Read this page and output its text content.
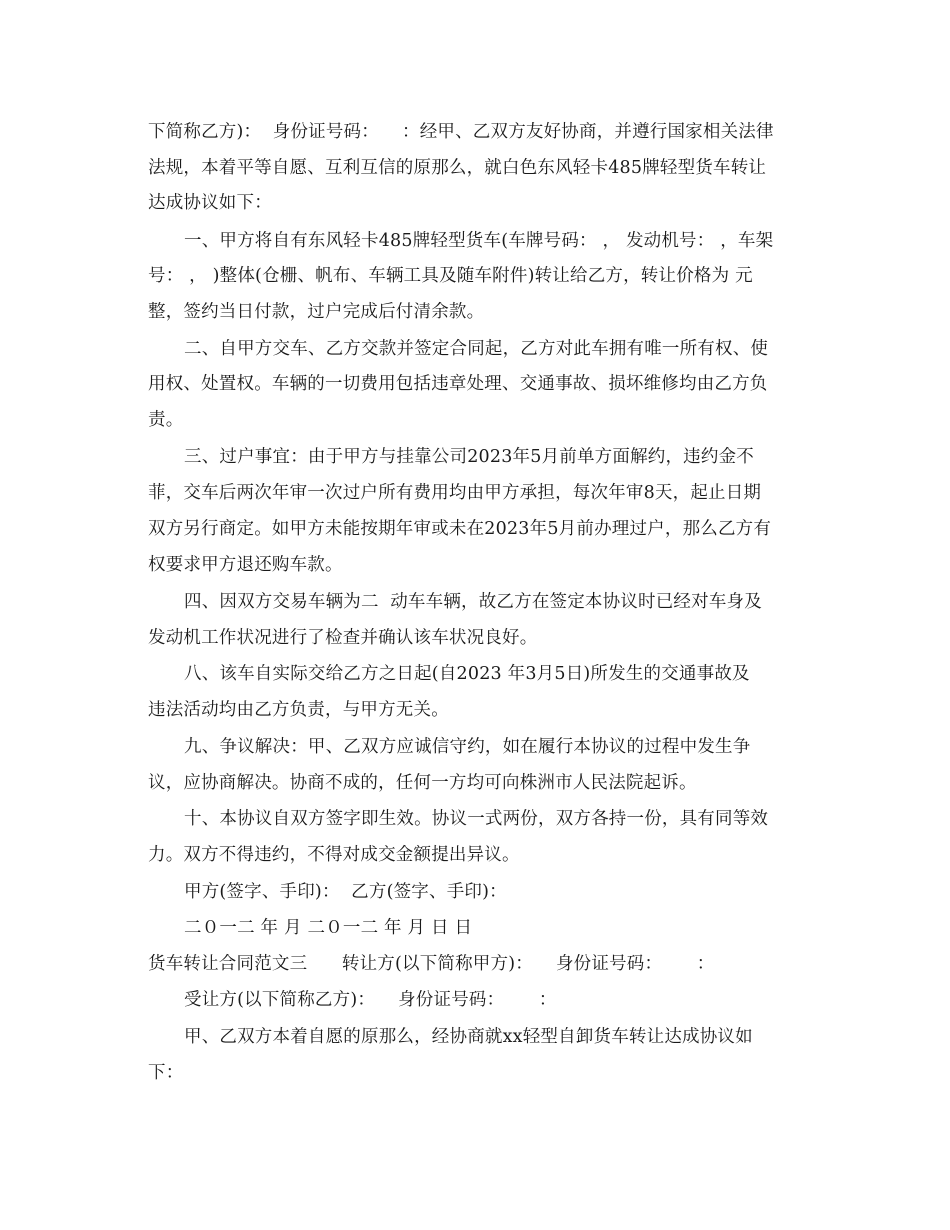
下简称乙方)：  身份证号码：    ：经甲、乙双方友好协商，并遵行国家相关法律
法规，本着平等自愿、互利互信的原那么，就白色东风轻卡485牌轻型货车转让
达成协议如下：
一、甲方将自有东风轻卡485牌轻型货车(车牌号码： ， 发动机号： ，车架
号： ， )整体(仓栅、帆布、车辆工具及随车附件)转让给乙方，转让价格为 元
整，签约当日付款，过户完成后付清余款。
二、自甲方交车、乙方交款并签定合同起，乙方对此车拥有唯一所有权、使
用权、处置权。车辆的一切费用包括违章处理、交通事故、损坏维修均由乙方负
责。
三、过户事宜：由于甲方与挂靠公司2023年5月前单方面解约，违约金不
菲，交车后两次年审一次过户所有费用均由甲方承担，每次年审8天，起止日期
双方另行商定。如甲方未能按期年审或未在2023年5月前办理过户，那么乙方有
权要求甲方退还购车款。
四、因双方交易车辆为二  动车车辆，故乙方在签定本协议时已经对车身及
发动机工作状况进行了检查并确认该车状况良好。
八、该车自实际交给乙方之日起(自2023 年3月5日)所发生的交通事故及
违法活动均由乙方负责，与甲方无关。
九、争议解决：甲、乙双方应诚信守约，如在履行本协议的过程中发生争
议，应协商解决。协商不成的，任何一方均可向株洲市人民法院起诉。
十、本协议自双方签字即生效。协议一式两份，双方各持一份，具有同等效
力。双方不得违约，不得对成交金额提出异议。
甲方(签字、手印)：  乙方(签字、手印)：
二０一二 年 月 二０一二 年 月 日 日
货车转让合同范文三      转让方(以下简称甲方)：    身份证号码：      ：
受让方(以下简称乙方)：    身份证号码：      ：
甲、乙双方本着自愿的原那么，经协商就xx轻型自卸货车转让达成协议如
下：
